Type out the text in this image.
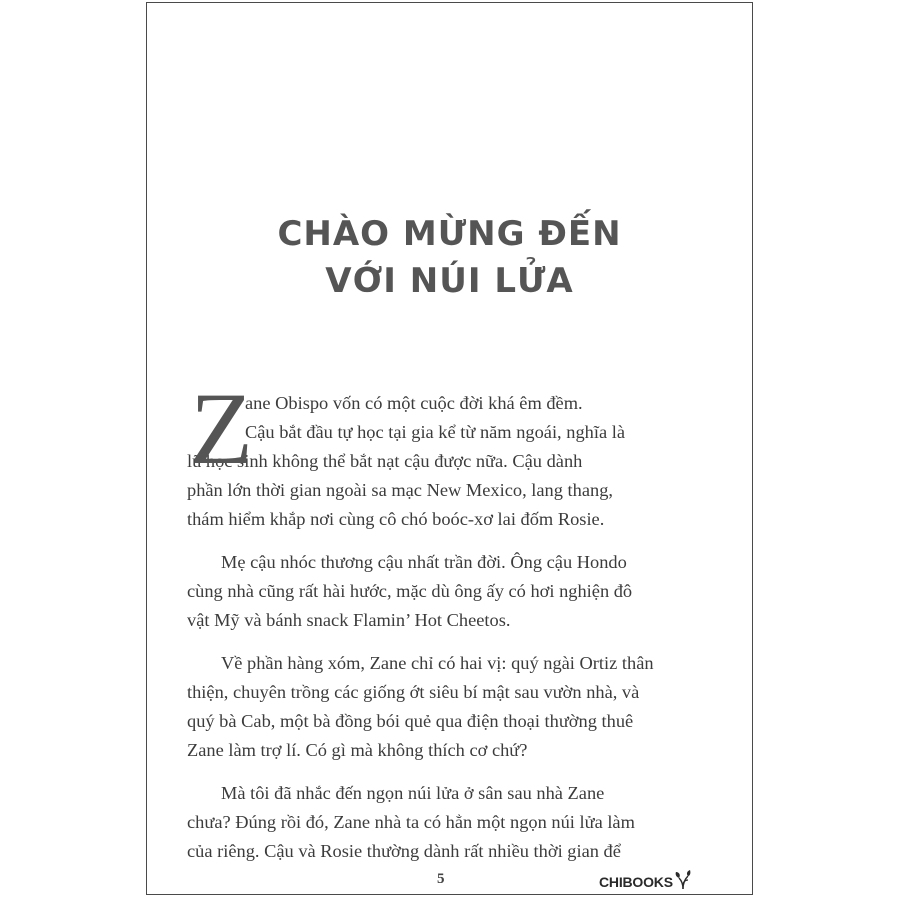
CHÀO MỪNG ĐẾN
VỚI NÚI LỬA
Z
ane Obispo vốn có một cuộc đời khá êm đềm.
Cậu bắt đầu tự học tại gia kể từ năm ngoái, nghĩa là
lũ học sinh không thể bắt nạt cậu được nữa. Cậu dành
phần lớn thời gian ngoài sa mạc New Mexico, lang thang,
thám hiểm khắp nơi cùng cô chó boóc-xơ lai đốm Rosie.
Mẹ cậu nhóc thương cậu nhất trần đời. Ông cậu Hondo
cùng nhà cũng rất hài hước, mặc dù ông ấy có hơi nghiện đô
vật Mỹ và bánh snack Flamin’ Hot Cheetos.
Về phần hàng xóm, Zane chỉ có hai vị: quý ngài Ortiz thân
thiện, chuyên trồng các giống ớt siêu bí mật sau vườn nhà, và
quý bà Cab, một bà đồng bói quẻ qua điện thoại thường thuê
Zane làm trợ lí. Có gì mà không thích cơ chứ?
Mà tôi đã nhắc đến ngọn núi lửa ở sân sau nhà Zane
chưa? Đúng rồi đó, Zane nhà ta có hẳn một ngọn núi lửa làm
của riêng. Cậu và Rosie thường dành rất nhiều thời gian để
5	CHIBOOKS
